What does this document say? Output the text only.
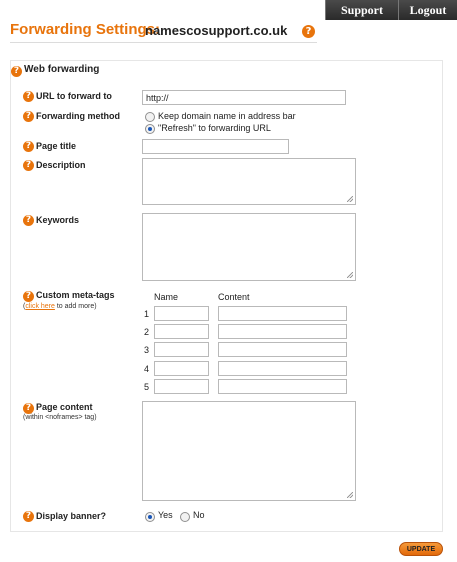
Support	Logout
Forwarding Settings:
namescosupport.co.uk	?
? Web forwarding
? URL to forward to
http://
? Forwarding method	Keep domain name in address bar
"Refresh" to forwarding URL
? Page title
? Description
? Keywords
? Custom meta-tags
(click here to add more)
Name	Content
1
2
3
4
5
? Page content
(within <noframes> tag)
? Display banner?	Yes No
UPDATE
